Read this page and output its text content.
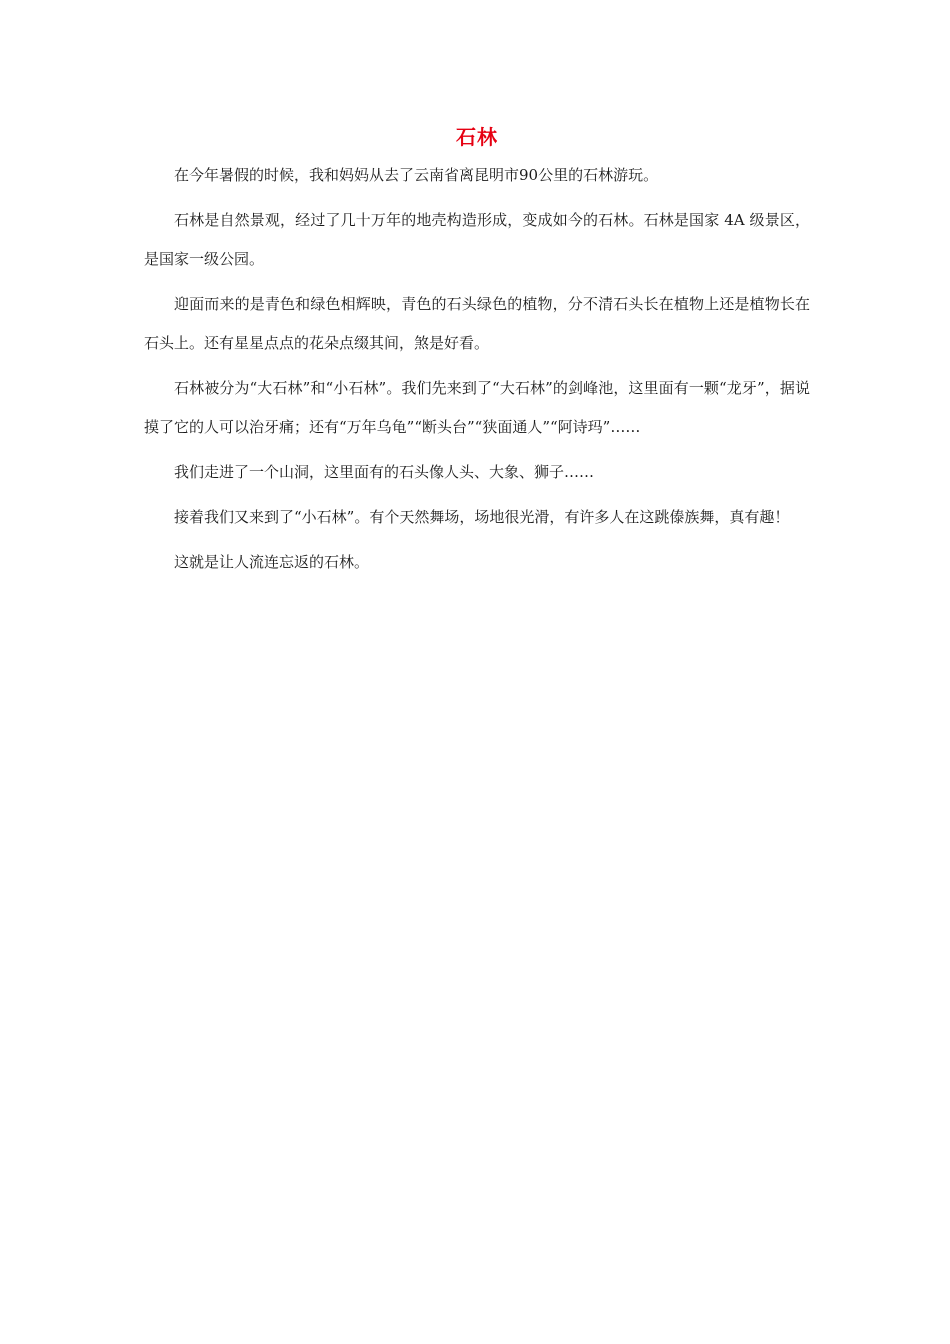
石林

在今年暑假的时候，我和妈妈从去了云南省离昆明市90公里的石林游玩。

石林是自然景观，经过了几十万年的地壳构造形成，变成如今的石林。石林是国家 4A 级景区，是国家一级公园。

迎面而来的是青色和绿色相辉映，青色的石头绿色的植物，分不清石头长在植物上还是植物长在石头上。还有星星点点的花朵点缀其间，煞是好看。

石林被分为“大石林”和“小石林”。我们先来到了“大石林”的剑峰池，这里面有一颗“龙牙”，据说摸了它的人可以治牙痛；还有“万年乌龟”“断头台”“狭面通人”“阿诗玛”……

我们走进了一个山洞，这里面有的石头像人头、大象、狮子……

接着我们又来到了“小石林”。有个天然舞场，场地很光滑，有许多人在这跳傣族舞，真有趣！

这就是让人流连忘返的石林。
